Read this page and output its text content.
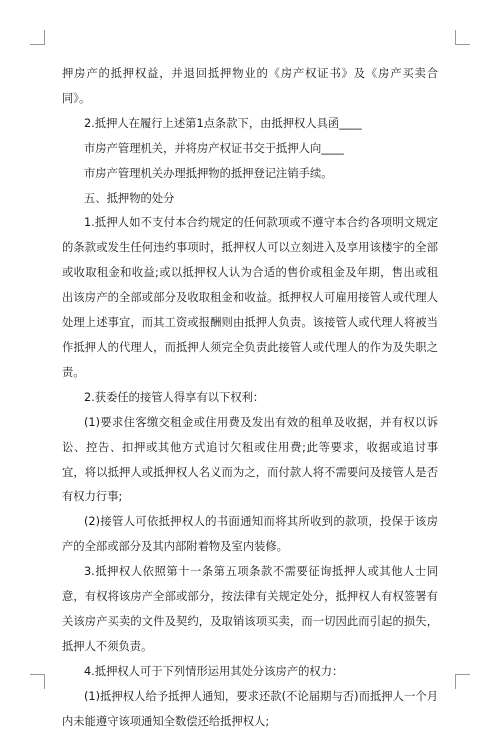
押房产的抵押权益，并退回抵押物业的《房产权证书》及《房产买卖合同》。

2.抵押人在履行上述第1点条款下，由抵押权人具函____

市房产管理机关，并将房产权证书交于抵押人向____

市房产管理机关办理抵押物的抵押登记注销手续。

五、抵押物的处分

1.抵押人如不支付本合约规定的任何款项或不遵守本合约各项明文规定的条款或发生任何违约事项时，抵押权人可以立刻进入及享用该楼宇的全部或收取租金和收益;或以抵押权人认为合适的售价或租金及年期，售出或租出该房产的全部或部分及收取租金和收益。抵押权人可雇用接管人或代理人处理上述事宜，而其工资或报酬则由抵押人负责。该接管人或代理人将被当作抵押人的代理人，而抵押人须完全负责此接管人或代理人的作为及失职之责。

2.获委任的接管人得享有以下权利：

(1)要求住客缴交租金或住用费及发出有效的租单及收据，并有权以诉讼、控告、扣押或其他方式追讨欠租或住用费;此等要求，收据或追讨事宜，将以抵押人或抵押权人名义而为之，而付款人将不需要问及接管人是否有权力行事;

(2)接管人可依抵押权人的书面通知而将其所收到的款项，投保于该房产的全部或部分及其内部附着物及室内装修。

3.抵押权人依照第十一条第五项条款不需要征询抵押人或其他人士同意，有权将该房产全部或部分，按法律有关规定处分，抵押权人有权签署有关该房产买卖的文件及契约，及取销该项买卖，而一切因此而引起的损失，抵押人不须负责。

4.抵押权人可于下列情形运用其处分该房产的权力：

(1)抵押权人给予抵押人通知，要求还款(不论届期与否)而抵押人一个月内未能遵守该项通知全数偿还给抵押权人;
